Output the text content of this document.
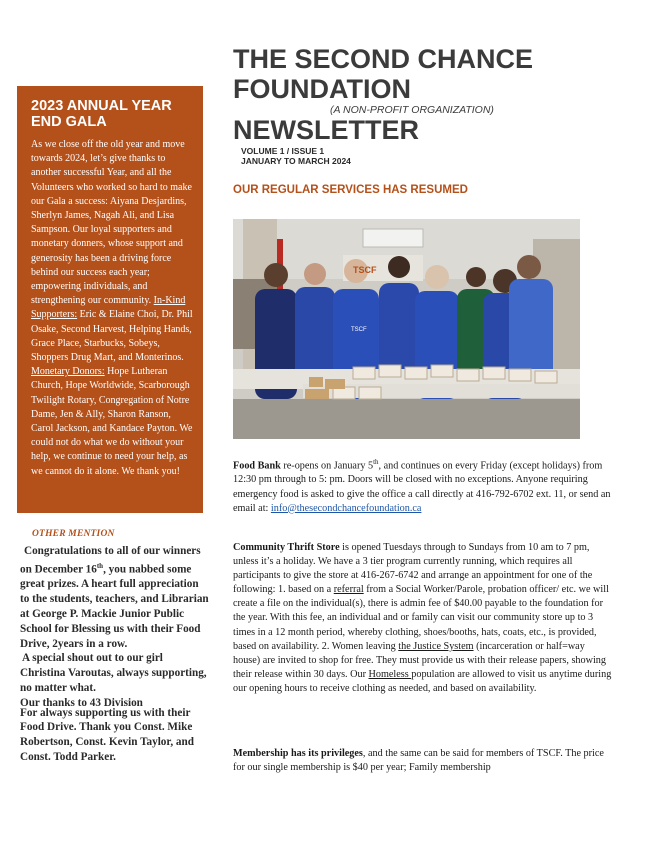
2023 ANNUAL YEAR END GALA

As we close off the old year and move towards 2024, let’s give thanks to another successful Year, and all the Volunteers who worked so hard to make our Gala a success: Aiyana Desjardins, Sherlyn James, Nagah Ali, and Lisa Sampson. Our loyal supporters and monetary donners, whose support and generosity has been a driving force behind our success each year; empowering individuals, and strengthening our community. In-Kind Supporters: Eric & Elaine Choi, Dr. Phil Osake, Second Harvest, Helping Hands, Grace Place, Starbucks, Sobeys, Shoppers Drug Mart, and Monterinos. Monetary Donors: Hope Lutheran Church, Hope Worldwide, Scarborough Twilight Rotary, Congregation of Notre Dame, Jen & Ally, Sharon Ranson, Carol Jackson, and Kandace Payton. We could not do what we do without your help, we continue to need your help, as we cannot do it alone. We thank you!

OTHER MENTION

Congratulations to all of our winners on December 16th, you nabbed some great prizes. A heart full appreciation to the students, teachers, and Librarian at George P. Mackie Junior Public School for Blessing us with their Food Drive, 2years in a row.

A special shout out to our girl Christina Varoutas, always supporting, no matter what.

Our thanks to 43 Division

For always supporting us with their Food Drive. Thank you Const. Mike Robertson, Const. Kevin Taylor, and Const. Todd Parker.

THE SECOND CHANCE
FOUNDATION
(A NON-PROFIT ORGANIZATION)
NEWSLETTER
VOLUME 1 / ISSUE 1
JANUARY TO MARCH 2024
OUR REGULAR SERVICES HAS RESUMED
TSCF
TSCF

Food Bank re-opens on January 5th, and continues on every Friday (except holidays) from 12:30 pm through to 5: pm. Doors will be closed with no exceptions. Anyone requiring emergency food is asked to give the office a call directly at 416-792-6702 ext. 11, or send an email at: info@thesecondchancefoundation.ca

Community Thrift Store is opened Tuesdays through to Sundays from 10 am to 7 pm, unless it’s a holiday. We have a 3 tier program currently running, which requires all participants to give the store at 416-267-6742 and arrange an appointment for one of the following: 1. based on a referral from a Social Worker/Parole, probation officer/ etc. we will create a file on the individual(s), there is admin fee of $40.00 payable to the foundation for the year. With this fee, an individual and or family can visit our community store up to 3 times in a 12 month period, whereby clothing, shoes/booths, hats, coats, etc., is provided, based on availability. 2. Women leaving the Justice System (incarceration or half=way house) are invited to shop for free. They must provide us with their release papers, showing their release within 30 days. Our Homeless population are allowed to visit us anytime during our opening hours to receive clothing as needed, and based on availability.

Membership has its privileges, and the same can be said for members of TSCF. The price for our single membership is $40 per year; Family membership
